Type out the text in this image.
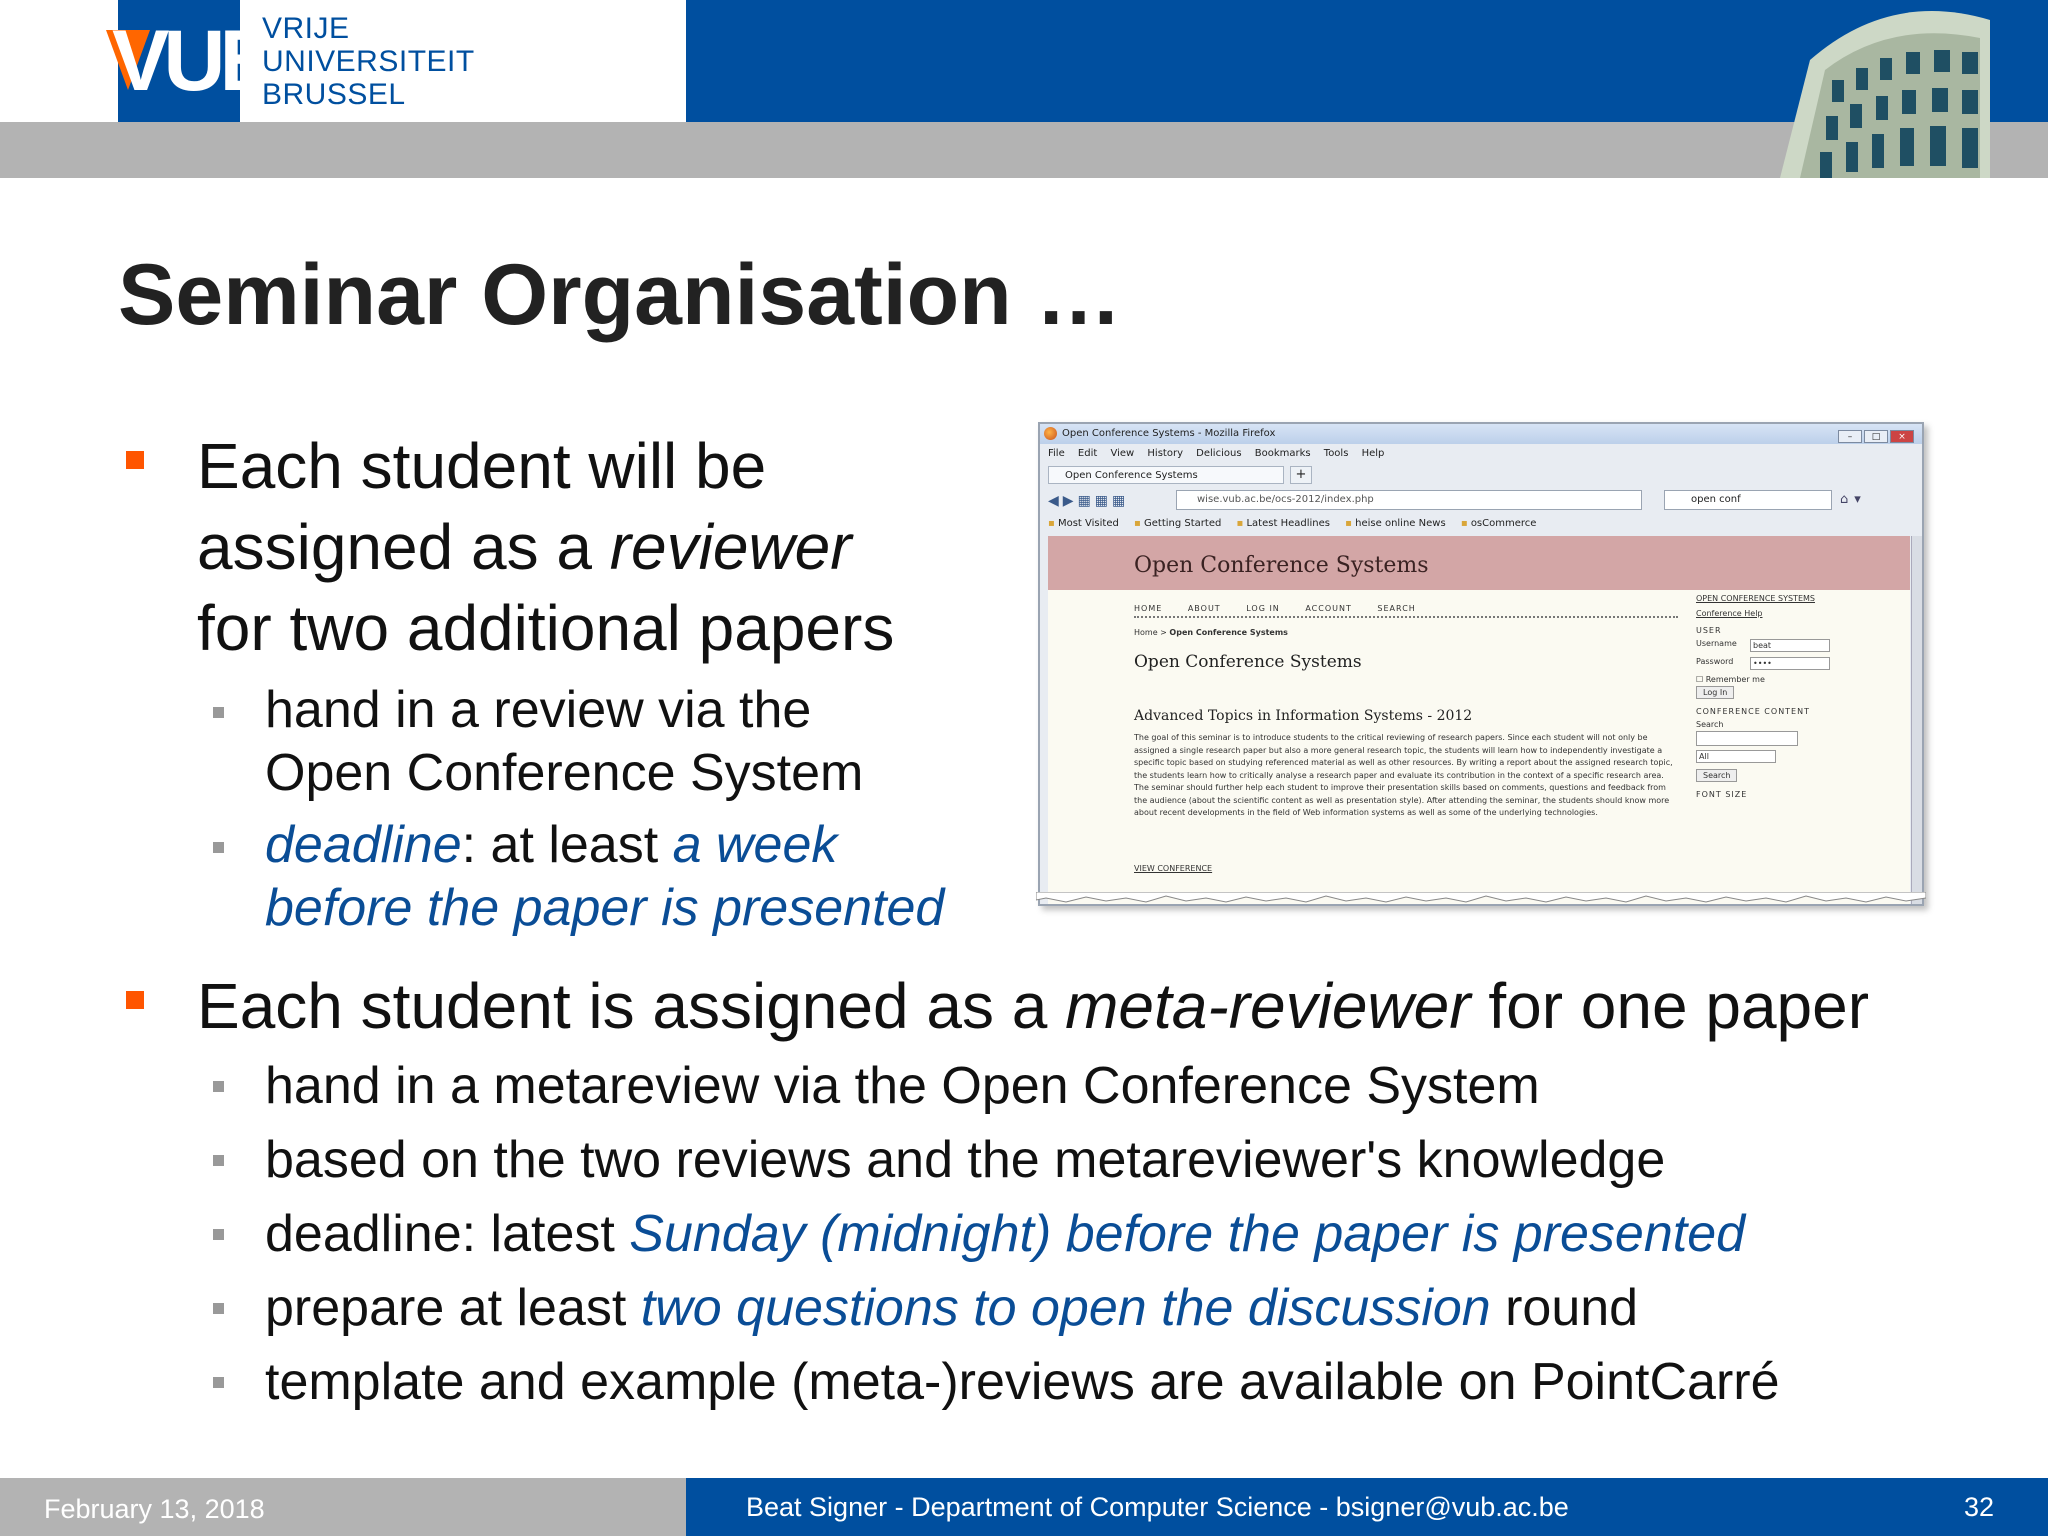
VUB
VRIJE
UNIVERSITEIT
BRUSSEL
Seminar Organisation …
Each student will be
assigned as a reviewer
for two additional papers
hand in a review via the
Open Conference System
deadline: at least a week
before the paper is presented
Open Conference Systems - Mozilla Firefox	– □ ×
File Edit View History Delicious Bookmarks Tools Help
Open Conference Systems	+
◀▶▦▦▦	wise.vub.ac.be/ocs-2012/index.php	open conf	⌂▾
▪ Most Visited	▪ Getting Started	▪ Latest Headlines	▪ heise online News	▪ osCommerce
Open Conference Systems
HOME	ABOUT	LOG IN	ACCOUNT	SEARCH
Home > Open Conference Systems
Open Conference Systems
Advanced Topics in Information Systems - 2012
The goal of this seminar is to introduce students to the critical reviewing of research papers. Since each student will not only be assigned a single research paper but also a more general research topic, the students will learn how to independently investigate a specific topic based on studying referenced material as well as other resources. By writing a report about the assigned research topic, the students learn how to critically analyse a research paper and evaluate its contribution in the context of a specific research area. The seminar should further help each student to improve their presentation skills based on comments, questions and feedback from the audience (about the scientific content as well as presentation style). After attending the seminar, the students should know more about recent developments in the field of Web information systems as well as some of the underlying technologies.
VIEW CONFERENCE
OPEN CONFERENCE SYSTEMS
Conference Help
USER
Username	beat
Password	••••
☐ Remember me
Log In
CONFERENCE CONTENT
Search
All
Search
FONT SIZE
Each student is assigned as a meta-reviewer for one paper
hand in a metareview via the Open Conference System
based on the two reviews and the metareviewer's knowledge
deadline: latest Sunday (midnight) before the paper is presented
prepare at least two questions to open the discussion round
template and example (meta-)reviews are available on PointCarré
February 13, 2018	Beat Signer - Department of Computer Science - bsigner@vub.ac.be	32
